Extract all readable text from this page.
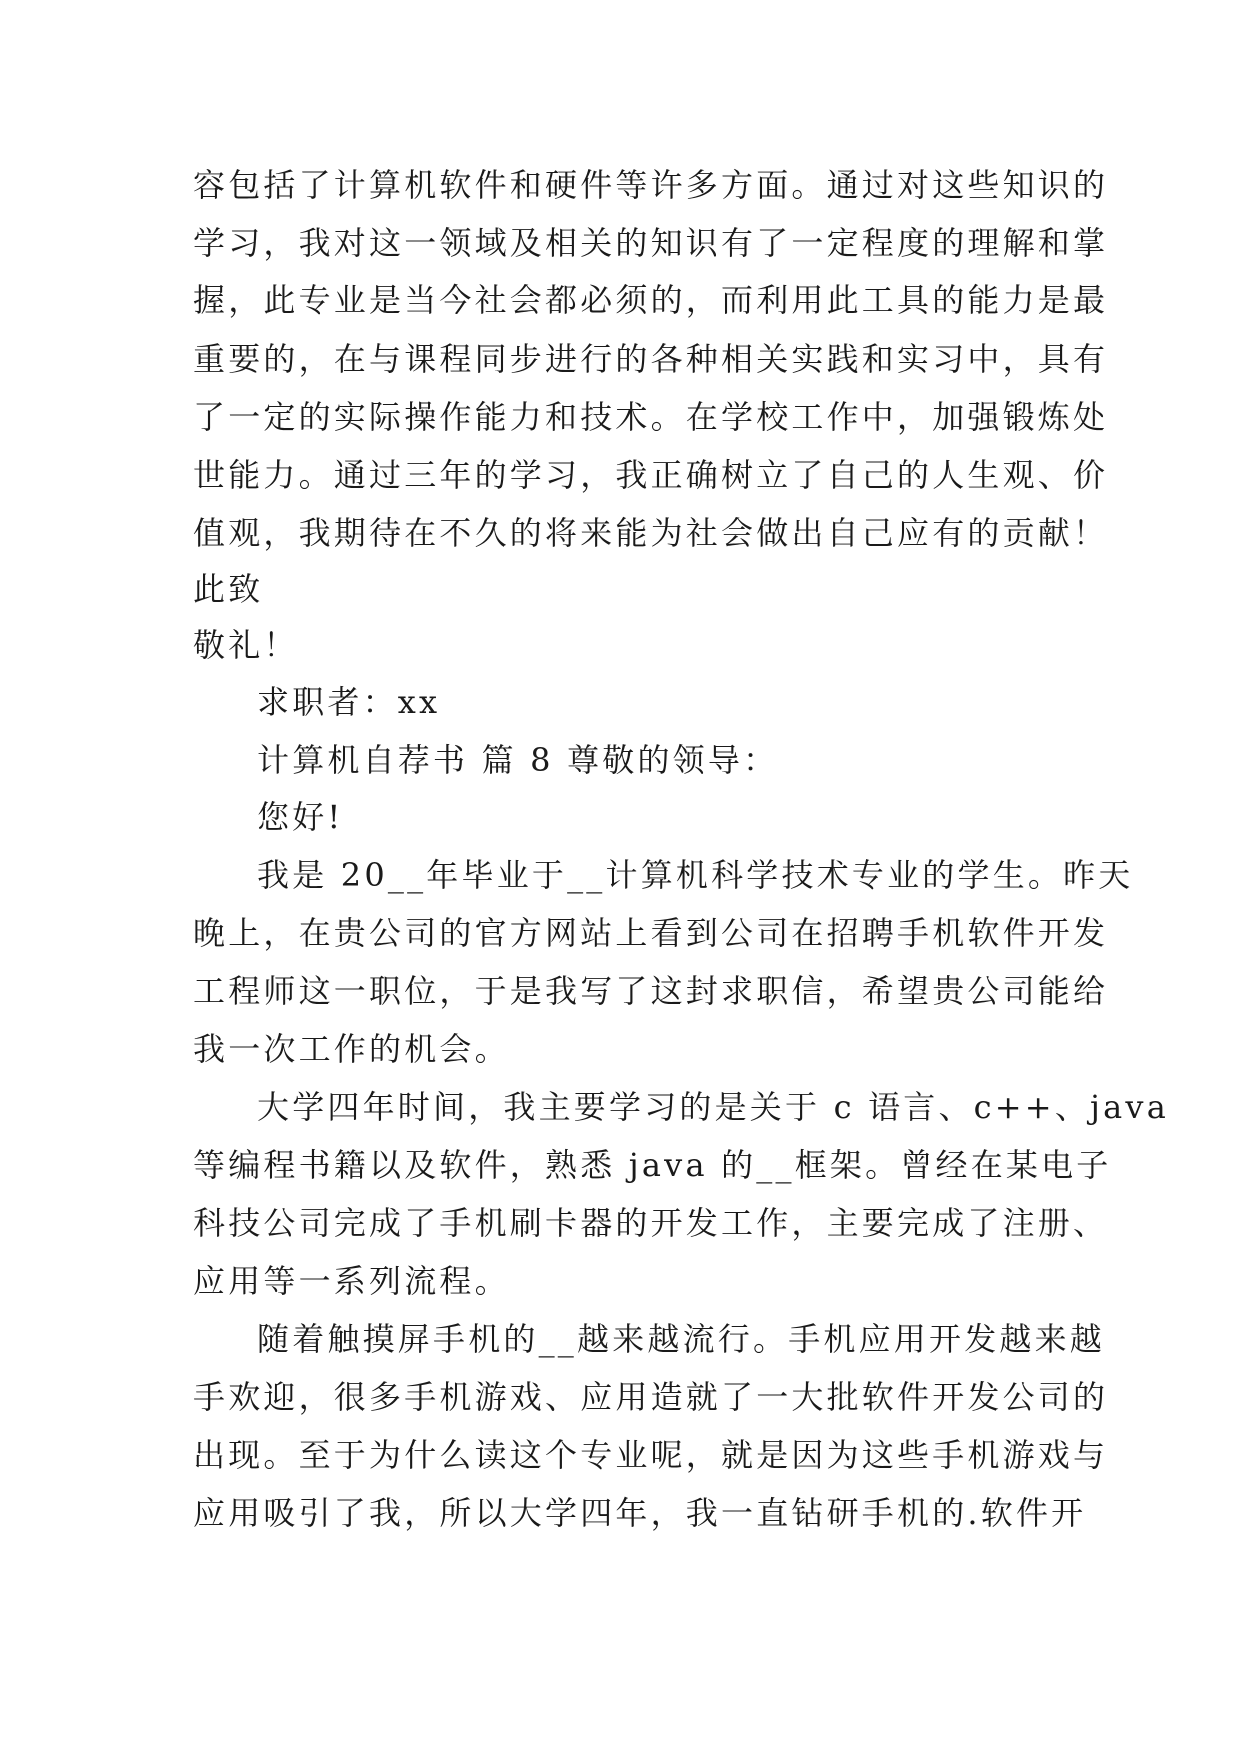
容包括了计算机软件和硬件等许多方面。通过对这些知识的
学习，我对这一领域及相关的知识有了一定程度的理解和掌
握，此专业是当今社会都必须的，而利用此工具的能力是最
重要的，在与课程同步进行的各种相关实践和实习中，具有
了一定的实际操作能力和技术。在学校工作中，加强锻炼处
世能力。通过三年的学习，我正确树立了自己的人生观、价
值观，我期待在不久的将来能为社会做出自己应有的贡献！
此致
敬礼！
求职者：xx
计算机自荐书 篇 8 尊敬的领导：
您好!
我是 20__年毕业于__计算机科学技术专业的学生。昨天
晚上，在贵公司的官方网站上看到公司在招聘手机软件开发
工程师这一职位，于是我写了这封求职信，希望贵公司能给
我一次工作的机会。
大学四年时间，我主要学习的是关于 c 语言、c++、java
等编程书籍以及软件，熟悉 java 的__框架。曾经在某电子
科技公司完成了手机刷卡器的开发工作，主要完成了注册、
应用等一系列流程。
随着触摸屏手机的__越来越流行。手机应用开发越来越
手欢迎，很多手机游戏、应用造就了一大批软件开发公司的
出现。至于为什么读这个专业呢，就是因为这些手机游戏与
应用吸引了我，所以大学四年，我一直钻研手机的.软件开
